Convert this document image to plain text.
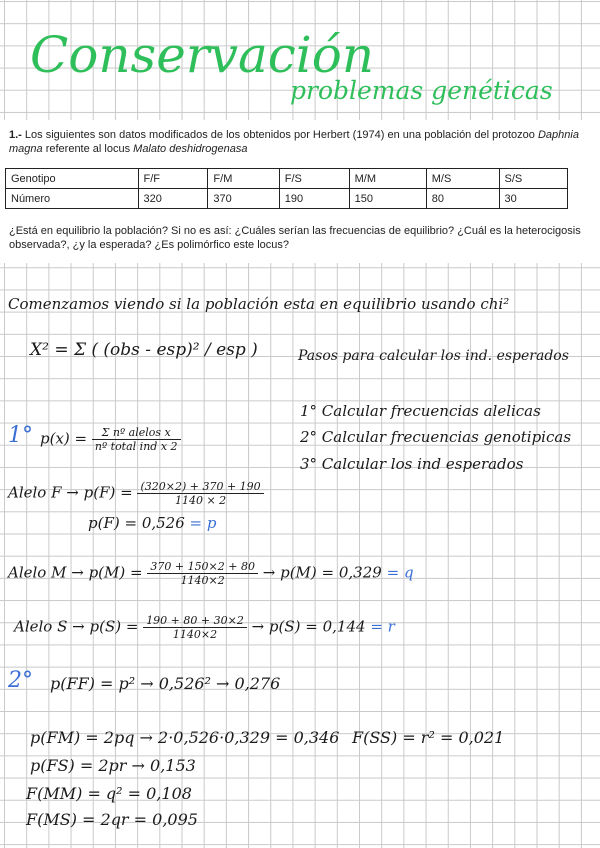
Conservación
problemas genéticas
1.- Los siguientes son datos modificados de los obtenidos por Herbert (1974) en una población del protozoo Daphnia magna referente al locus Malato deshidrogenasa
Genotipo	F/F	F/M	F/S	M/M	M/S	S/S
Número	320	370	190	150	80	30
¿Está en equilibrio la población? Si no es así: ¿Cuáles serían las frecuencias de equilibrio? ¿Cuál es la heterocigosis observada?, ¿y la esperada? ¿Es polimórfico este locus?
Comenzamos viendo si la población esta en equilibrio usando chi²
X² = Σ ( (obs - esp)² / esp )	Pasos para calcular los ind. esperados
1° Calcular frecuencias alelicas
2° Calcular frecuencias genotipicas
3° Calcular los ind esperados
1° $p(x) = \frac{\text{Σ nº alelos x}}{\text{nº total ind x 2}}$
Alelo $F \to p(F) = \frac{(320\times 2) + 370 + 190}{1140 \times 2}$
p(F) = 0,526 = p
Alelo $M \to p(M) = \frac{370 + 150\times 2 + 80}{1140\times 2} \to p(M) = 0,329 = q$
Alelo $S \to p(S) = \frac{190 + 80 + 30\times 2}{1140\times 2} \to p(S) = 0,144 = r$
2° p(FF) = p² → 0,526² → 0,276
p(FM) = 2pq → 2·0,526·0,329 = 0,346 F(SS) = r² = 0,021
p(FS) = 2pr → 0,153
F(MM) = q² = 0,108
F(MS) = 2qr = 0,095
